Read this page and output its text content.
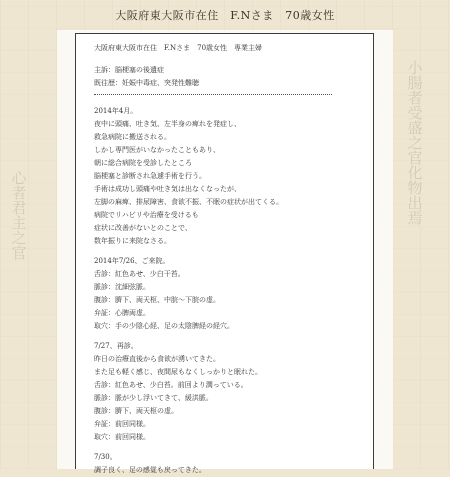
小腸者受盛之官化物出焉
心者君主之官
大阪府東大阪市在住　F.Nさま　70歳女性
大阪府東大阪市在住　F.Nさま　70歳女性　専業主婦
主訴：脳梗塞の後遺症
既往歴：妊娠中毒症、突発性難聴
2014年4月。
夜中に頭痛、吐き気、左半身の痺れを発症し、
救急病院に搬送される。
しかし専門医がいなかったこともあり、
朝に総合病院を受診したところ
脳梗塞と診断され急遽手術を行う。
手術は成功し頭痛や吐き気は出なくなったが、
左脚の麻痺、排尿障害、食欲不振、不眠の症状が出てくる。
病院でリハビリや治療を受けるも
症状に改善がないとのことで、
数年振りに来院なさる。
2014年7/26、ご来院。
舌診：紅色あせ、少白干苔。
脈診：沈細弦脈。
腹診：臍下、両天枢、中脘～下脘の虚。
弁証：心脾両虚。
取穴：手の少陰心経、足の太陰脾経の経穴。
7/27、再診。
昨日の治療直後から食欲が湧いてきた。
また足も軽く感じ、夜間尿もなくしっかりと眠れた。
舌診：紅色あせ、少白苔。前回より潤っている。
脈診：脈が少し浮いてきて、緩洪脈。
腹診：臍下、両天枢の虚。
弁証：前回同様。
取穴：前回同様。
7/30。
調子良く、足の感覚も戻ってきた。
